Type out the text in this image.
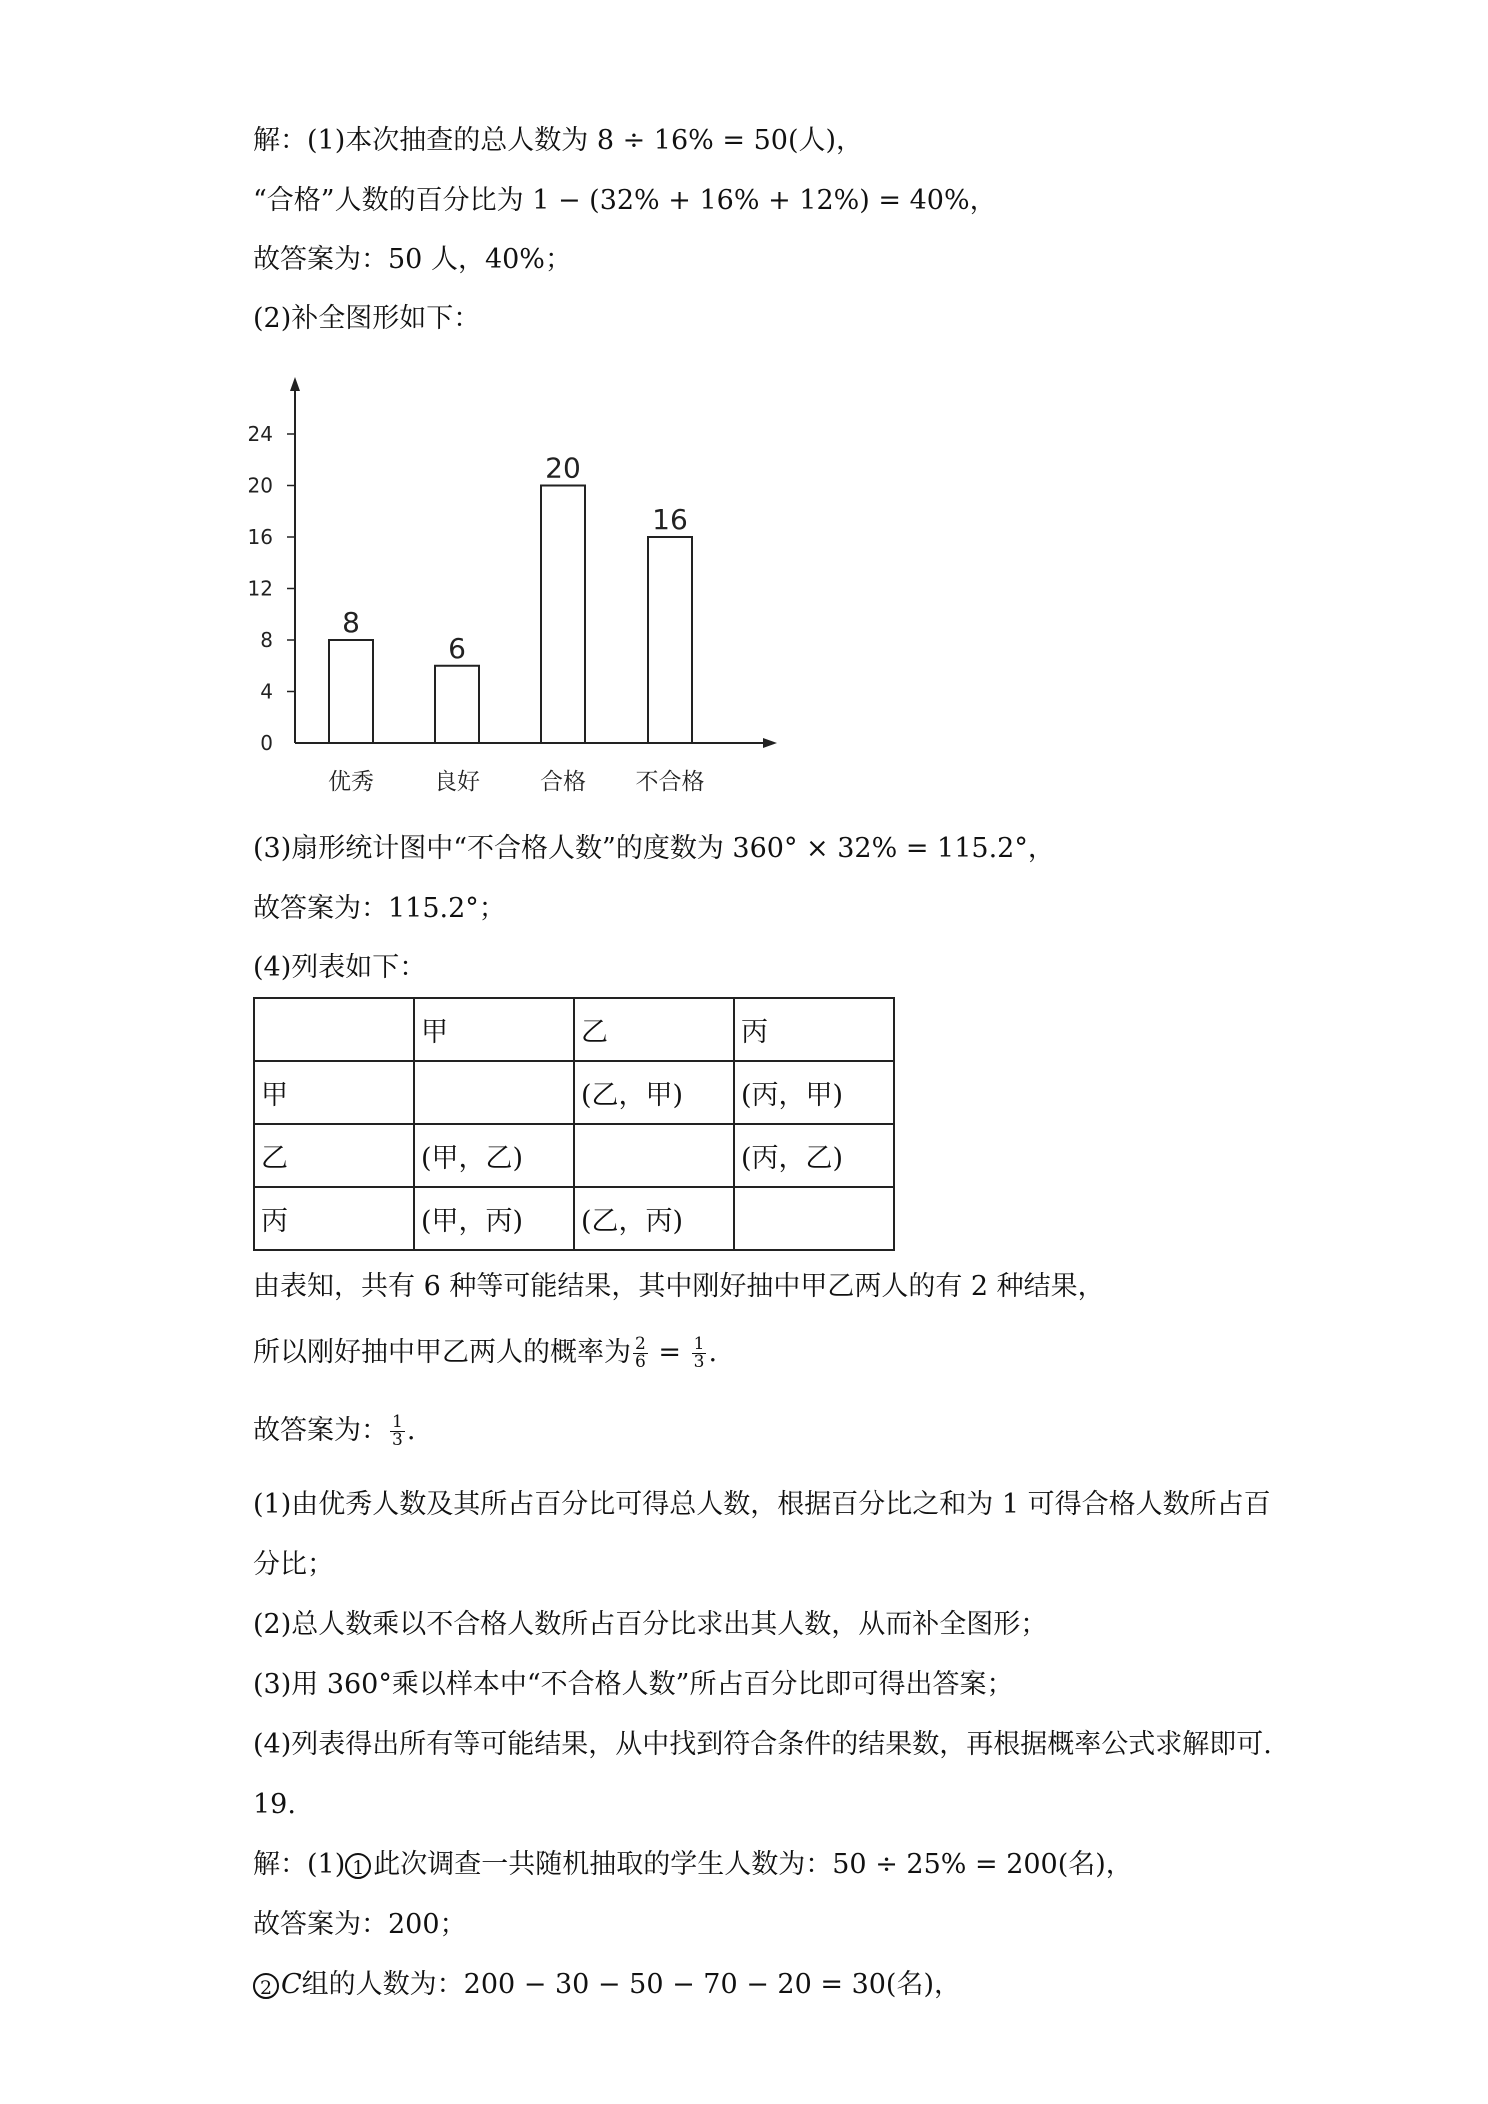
解：(1)本次抽查的总人数为 8 ÷ 16% = 50(人)，
“合格”人数的百分比为 1 − (32% + 16% + 12%) = 40%，
故答案为：50 人，40%；
(2)补全图形如下：
0
4
8
12
16
20
24
8
6
20
16
优秀	良好	合格 不合格
(3)扇形统计图中“不合格人数”的度数为 360° × 32% = 115.2°，
故答案为：115.2°；
(4)列表如下：
	甲	乙	丙
甲		(乙，甲)	(丙，甲)
乙	(甲，乙)		(丙，乙)
丙	(甲，丙)	(乙，丙)	
由表知，共有 6 种等可能结果，其中刚好抽中甲乙两人的有 2 种结果，
所以刚好抽中甲乙两人的概率为 $\frac{2}{6} = \frac{1}{3}$ .
故答案为： $\frac{1}{3}$ .
(1)由优秀人数及其所占百分比可得总人数，根据百分比之和为 1 可得合格人数所占百
分比；
(2)总人数乘以不合格人数所占百分比求出其人数，从而补全图形；
(3)用 360°乘以样本中“不合格人数”所占百分比即可得出答案；
(4)列表得出所有等可能结果，从中找到符合条件的结果数，再根据概率公式求解即可.
19.
解：(1) 1 此次调查一共随机抽取的学生人数为：50 ÷ 25% = 200(名)，
故答案为：200；
2 C组的人数为：200 − 30 − 50 − 70 − 20 = 30(名)，
